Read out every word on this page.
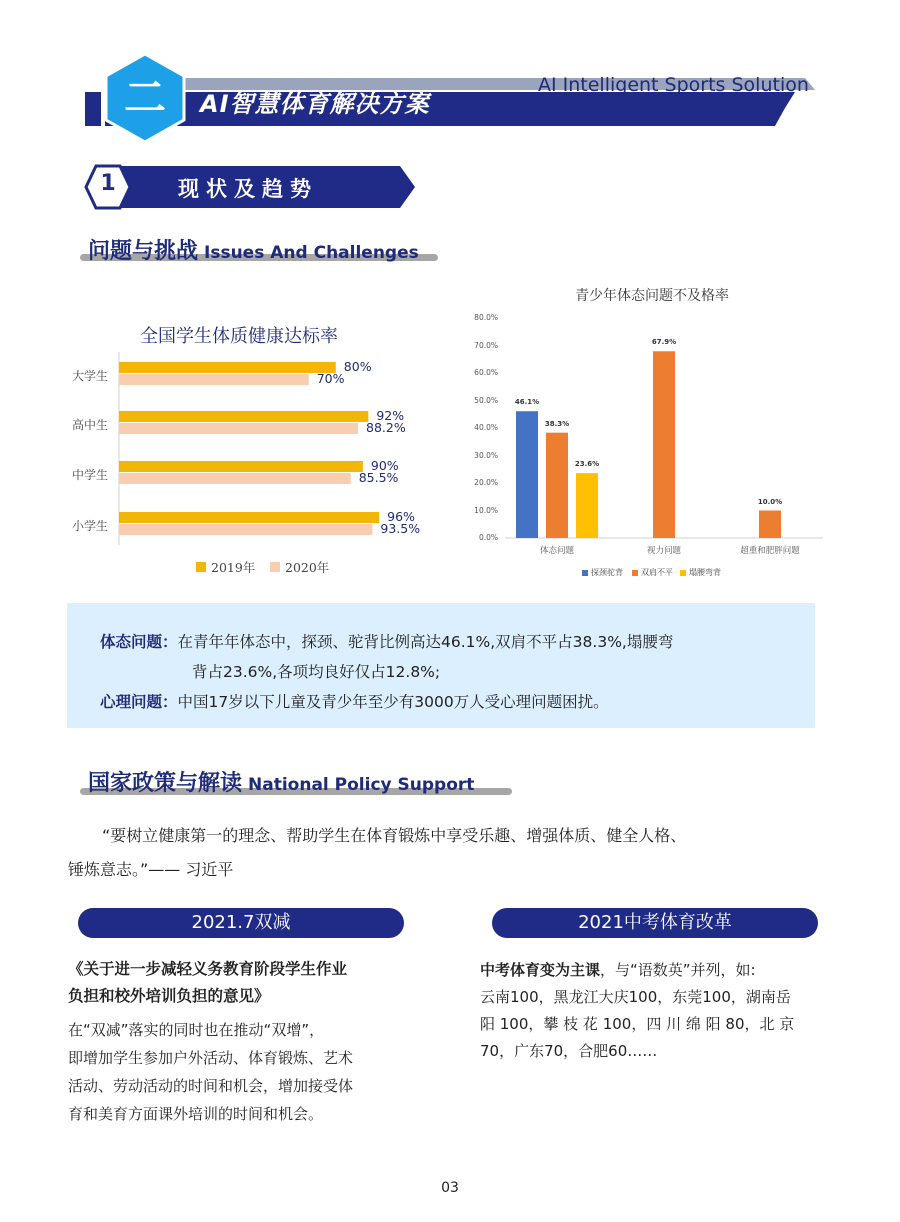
二	AI智慧体育解决方案
AI Intelligent Sports Solution
1	现状及趋势
问题与挑战 Issues And Challenges
全国学生体质健康达标率
大学生
80%
70%
高中生
92%
88.2%
中学生
90%
85.5%
小学生
96%
93.5%
2019年 2020年
青少年体态问题不及格率
0.0%
10.0%
20.0%
30.0%
40.0%
50.0%
60.0%
70.0%
80.0%
46.1%
38.3%
23.6%
体态问题
67.9%
视力问题
10.0%
超重和肥胖问题
探颈驼背 双肩不平 塌腰弯背
体态问题：在青年年体态中，探颈、驼背比例高达46.1%,双肩不平占38.3%,塌腰弯
背占23.6%,各项均良好仅占12.8%;
心理问题：中国17岁以下儿童及青少年至少有3000万人受心理问题困扰。
国家政策与解读 National Policy Support
“要树立健康第一的理念、帮助学生在体育锻炼中享受乐趣、增强体质、健全人格、
锤炼意志。”—— 习近平
2021.7双减
《关于进一步减轻义务教育阶段学生作业
负担和校外培训负担的意见》
在“双减”落实的同时也在推动“双增”，
即增加学生参加户外活动、体育锻炼、艺术
活动、劳动活动的时间和机会，增加接受体
育和美育方面课外培训的时间和机会。
2021中考体育改革
中考体育变为主课，与“语数英”并列，如:
云南100，黑龙江大庆100，东莞100，湖南岳
阳 100，攀 枝 花 100，四 川 绵 阳 80，北 京
70，广东70，合肥60……
03
